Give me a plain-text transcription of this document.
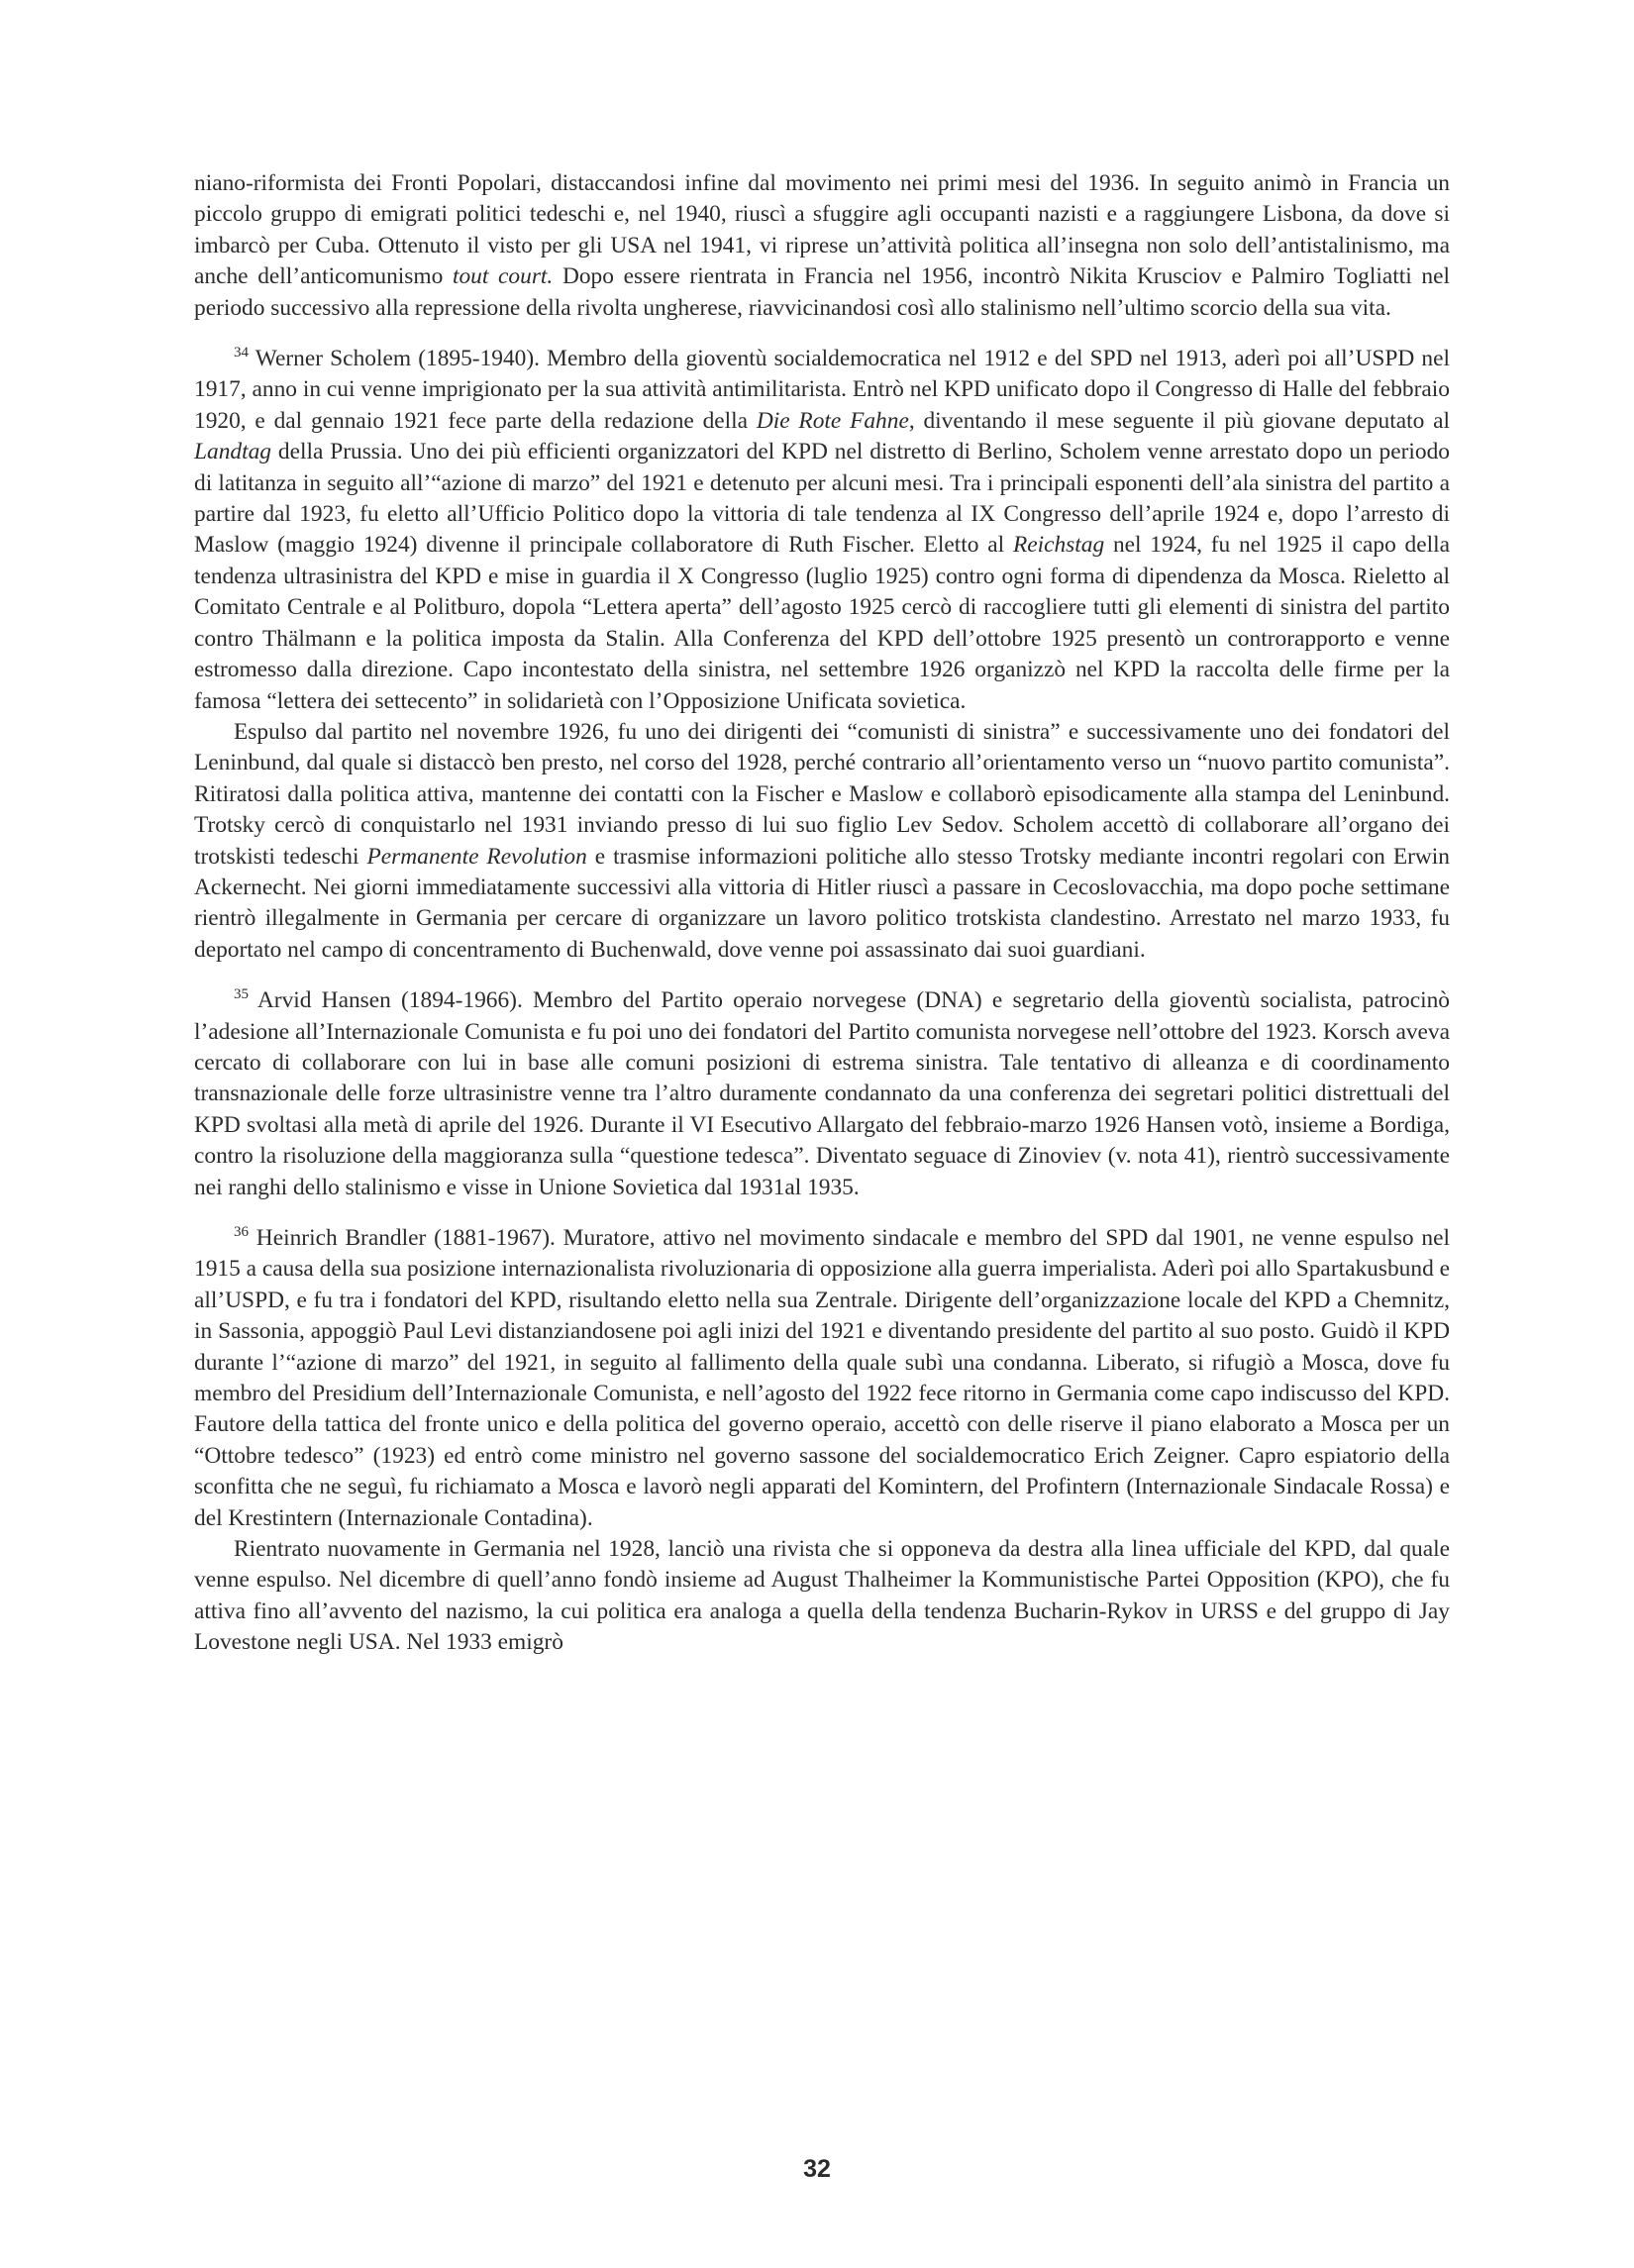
niano-riformista dei Fronti Popolari, distaccandosi infine dal movimento nei primi mesi del 1936. In seguito animò in Francia un piccolo gruppo di emigrati politici tedeschi e, nel 1940, riuscì a sfuggire agli occupanti nazisti e a raggiungere Lisbona, da dove si imbarcò per Cuba. Ottenuto il visto per gli USA nel 1941, vi riprese un’attività politica all’insegna non solo dell’antistalinismo, ma anche dell’anticomunismo tout court. Dopo essere rientrata in Francia nel 1956, incontrò Nikita Krusciov e Palmiro Togliatti nel periodo successivo alla repressione della rivolta ungherese, riavvicinandosi così allo stalinismo nell’ultimo scorcio della sua vita.

$^{34}$ Werner Scholem (1895-1940). Membro della gioventù socialdemocratica nel 1912 e del SPD nel 1913, aderì poi all’USPD nel 1917, anno in cui venne imprigionato per la sua attività antimilitarista. Entrò nel KPD unificato dopo il Congresso di Halle del febbraio 1920, e dal gennaio 1921 fece parte della redazione della Die Rote Fahne, diventando il mese seguente il più giovane deputato al Landtag della Prussia. Uno dei più efficienti organizzatori del KPD nel distretto di Berlino, Scholem venne arrestato dopo un periodo di latitanza in seguito all’“azione di marzo” del 1921 e detenuto per alcuni mesi. Tra i principali esponenti dell’ala sinistra del partito a partire dal 1923, fu eletto all’Ufficio Politico dopo la vittoria di tale tendenza al IX Congresso dell’aprile 1924 e, dopo l’arresto di Maslow (maggio 1924) divenne il principale collaboratore di Ruth Fischer. Eletto al Reichstag nel 1924, fu nel 1925 il capo della tendenza ultrasinistra del KPD e mise in guardia il X Congresso (luglio 1925) contro ogni forma di dipendenza da Mosca. Rieletto al Comitato Centrale e al Politburo, dopola “Lettera aperta” dell’agosto 1925 cercò di raccogliere tutti gli elementi di sinistra del partito contro Thälmann e la politica imposta da Stalin. Alla Conferenza del KPD dell’ottobre 1925 presentò un controrapporto e venne estromesso dalla direzione. Capo incontestato della sinistra, nel settembre 1926 organizzò nel KPD la raccolta delle firme per la famosa “lettera dei settecento” in solidarietà con l’Opposizione Unificata sovietica.

Espulso dal partito nel novembre 1926, fu uno dei dirigenti dei “comunisti di sinistra” e successivamente uno dei fondatori del Leninbund, dal quale si distaccò ben presto, nel corso del 1928, perché contrario all’orientamento verso un “nuovo partito comunista”. Ritiratosi dalla politica attiva, mantenne dei contatti con la Fischer e Maslow e collaborò episodicamente alla stampa del Leninbund. Trotsky cercò di conquistarlo nel 1931 inviando presso di lui suo figlio Lev Sedov. Scholem accettò di collaborare all’organo dei trotskisti tedeschi Permanente Revolution e trasmise informazioni politiche allo stesso Trotsky mediante incontri regolari con Erwin Ackernecht. Nei giorni immediatamente successivi alla vittoria di Hitler riuscì a passare in Cecoslovacchia, ma dopo poche settimane rientrò illegalmente in Germania per cercare di organizzare un lavoro politico trotskista clandestino. Arrestato nel marzo 1933, fu deportato nel campo di concentramento di Buchenwald, dove venne poi assassinato dai suoi guardiani.

$^{35}$ Arvid Hansen (1894-1966). Membro del Partito operaio norvegese (DNA) e segretario della gioventù socialista, patrocinò l’adesione all’Internazionale Comunista e fu poi uno dei fondatori del Partito comunista norvegese nell’ottobre del 1923. Korsch aveva cercato di collaborare con lui in base alle comuni posizioni di estrema sinistra. Tale tentativo di alleanza e di coordinamento transnazionale delle forze ultrasinistre venne tra l’altro duramente condannato da una conferenza dei segretari politici distrettuali del KPD svoltasi alla metà di aprile del 1926. Durante il VI Esecutivo Allargato del febbraio-marzo 1926 Hansen votò, insieme a Bordiga, contro la risoluzione della maggioranza sulla “questione tedesca”. Diventato seguace di Zinoviev (v. nota 41), rientrò successivamente nei ranghi dello stalinismo e visse in Unione Sovietica dal 1931al 1935.

$^{36}$ Heinrich Brandler (1881-1967). Muratore, attivo nel movimento sindacale e membro del SPD dal 1901, ne venne espulso nel 1915 a causa della sua posizione internazionalista rivoluzionaria di opposizione alla guerra imperialista. Aderì poi allo Spartakusbund e all’USPD, e fu tra i fondatori del KPD, risultando eletto nella sua Zentrale. Dirigente dell’organizzazione locale del KPD a Chemnitz, in Sassonia, appoggiò Paul Levi distanziandosene poi agli inizi del 1921 e diventando presidente del partito al suo posto. Guidò il KPD durante l’“azione di marzo” del 1921, in seguito al fallimento della quale subì una condanna. Liberato, si rifugiò a Mosca, dove fu membro del Presidium dell’Internazionale Comunista, e nell’agosto del 1922 fece ritorno in Germania come capo indiscusso del KPD. Fautore della tattica del fronte unico e della politica del governo operaio, accettò con delle riserve il piano elaborato a Mosca per un “Ottobre tedesco” (1923) ed entrò come ministro nel governo sassone del socialdemocratico Erich Zeigner. Capro espiatorio della sconfitta che ne seguì, fu richiamato a Mosca e lavorò negli apparati del Komintern, del Profintern (Internazionale Sindacale Rossa) e del Krestintern (Internazionale Contadina).

Rientrato nuovamente in Germania nel 1928, lanciò una rivista che si opponeva da destra alla linea ufficiale del KPD, dal quale venne espulso. Nel dicembre di quell’anno fondò insieme ad August Thalheimer la Kommunistische Partei Opposition (KPO), che fu attiva fino all’avvento del nazismo, la cui politica era analoga a quella della tendenza Bucharin-Rykov in URSS e del gruppo di Jay Lovestone negli USA. Nel 1933 emigrò

32
